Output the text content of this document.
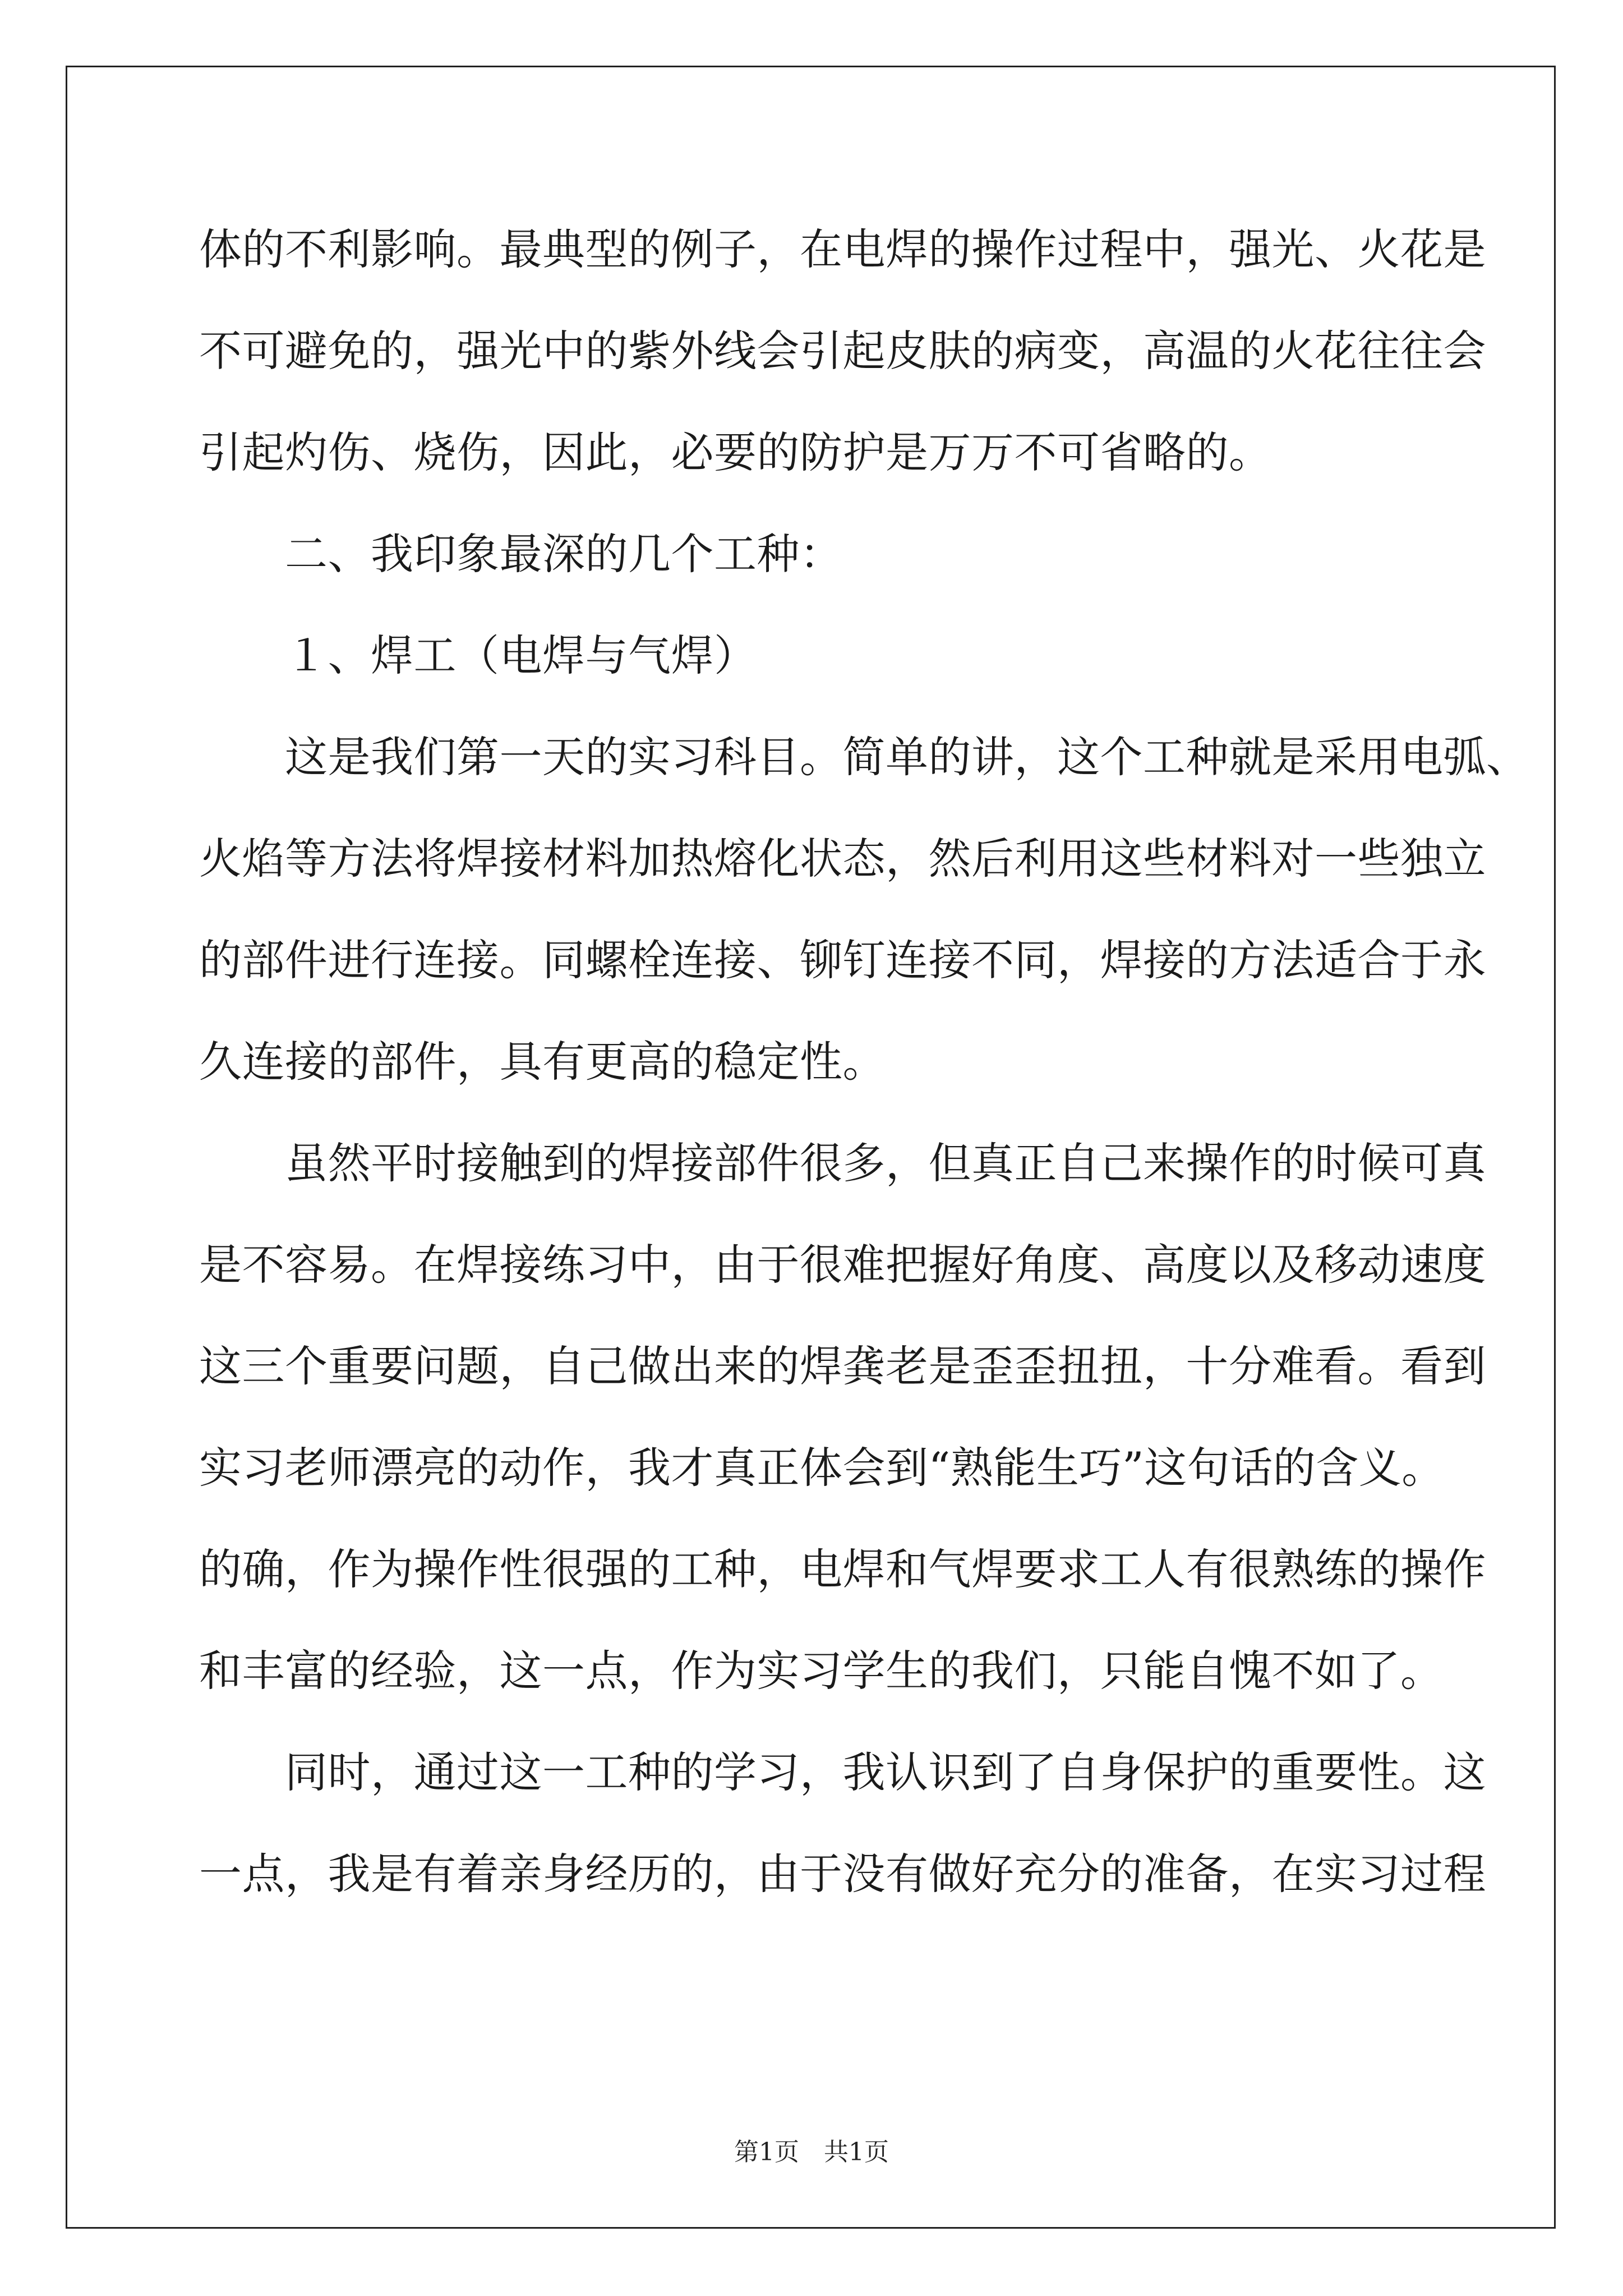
体的不利影响。最典型的例子，在电焊的操作过程中，强光、火花是
不可避免的，强光中的紫外线会引起皮肤的病变，高温的火花往往会
引起灼伤、烧伤，因此，必要的防护是万万不可省略的。
　　二、我印象最深的几个工种：
　　１、焊工（电焊与气焊）
　　这是我们第一天的实习科目。简单的讲，这个工种就是采用电弧、
火焰等方法将焊接材料加热熔化状态，然后利用这些材料对一些独立
的部件进行连接。同螺栓连接、铆钉连接不同，焊接的方法适合于永
久连接的部件，具有更高的稳定性。
　　虽然平时接触到的焊接部件很多，但真正自己来操作的时候可真
是不容易。在焊接练习中，由于很难把握好角度、高度以及移动速度
这三个重要问题，自己做出来的焊龚老是歪歪扭扭，十分难看。看到
实习老师漂亮的动作，我才真正体会到“熟能生巧”这句话的含义。
的确，作为操作性很强的工种，电焊和气焊要求工人有很熟练的操作
和丰富的经验，这一点，作为实习学生的我们，只能自愧不如了。
　　同时，通过这一工种的学习，我认识到了自身保护的重要性。这
一点，我是有着亲身经历的，由于没有做好充分的准备，在实习过程
第1页　共1页
